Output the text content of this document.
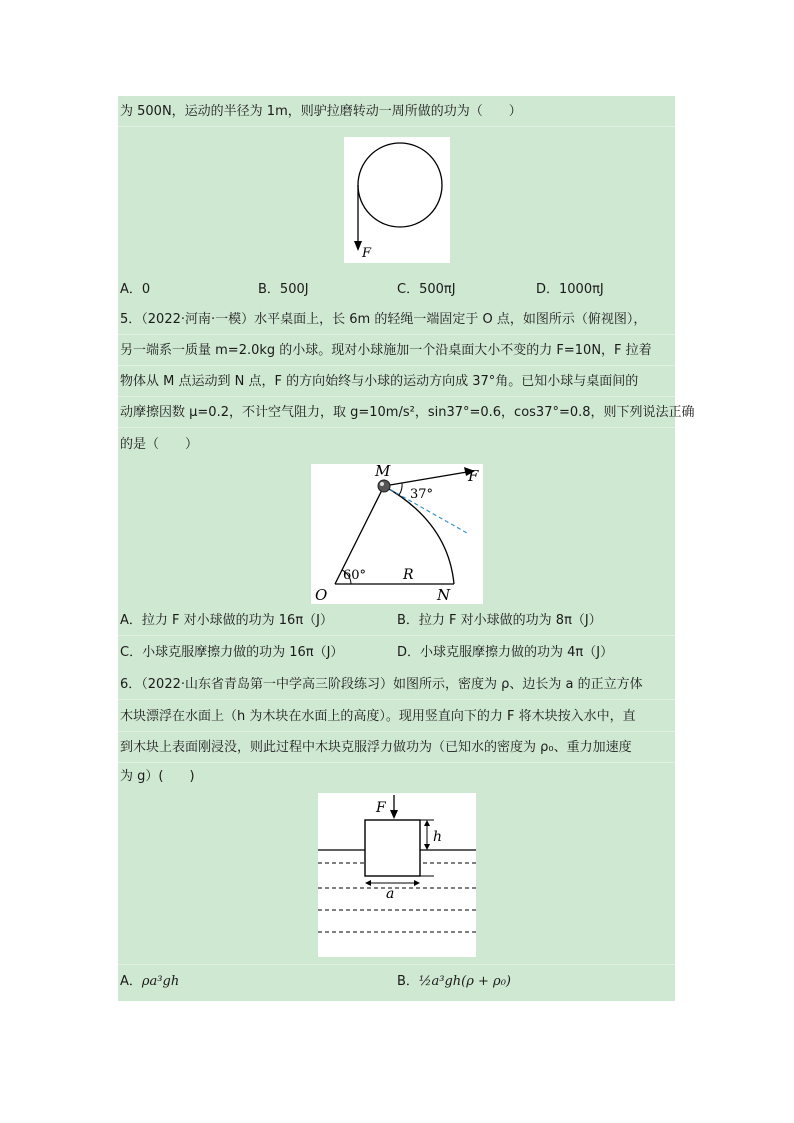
为 500N，运动的半径为 1m，则驴拉磨转动一周所做的功为（　　）
F
A．0	B．500J	C．500πJ	D．1000πJ
5．（2022·河南·一模）水平桌面上，长 6m 的轻绳一端固定于 O 点，如图所示（俯视图），
另一端系一质量 m=2.0kg 的小球。现对小球施加一个沿桌面大小不变的力 F=10N，F 拉着
物体从 M 点运动到 N 点，F 的方向始终与小球的运动方向成 37°角。已知小球与桌面间的
动摩擦因数 μ=0.2，不计空气阻力，取 g=10m/s²，sin37°=0.6，cos37°=0.8，则下列说法正确
的是（　　）
M	F
37°
60°	R
O	N
A．拉力 F 对小球做的功为 16π（J）	B．拉力 F 对小球做的功为 8π（J）
C．小球克服摩擦力做的功为 16π（J）	D．小球克服摩擦力做的功为 4π（J）
6．（2022·山东省青岛第一中学高三阶段练习）如图所示，密度为 ρ、边长为 a 的正立方体
木块漂浮在水面上（h 为木块在水面上的高度）。现用竖直向下的力 F 将木块按入水中，直
到木块上表面刚浸没，则此过程中木块克服浮力做功为（已知水的密度为 ρ₀、重力加速度
为 g）(　　)
F
h
a
A．ρa³gh	B．½a³gh(ρ + ρ₀)
